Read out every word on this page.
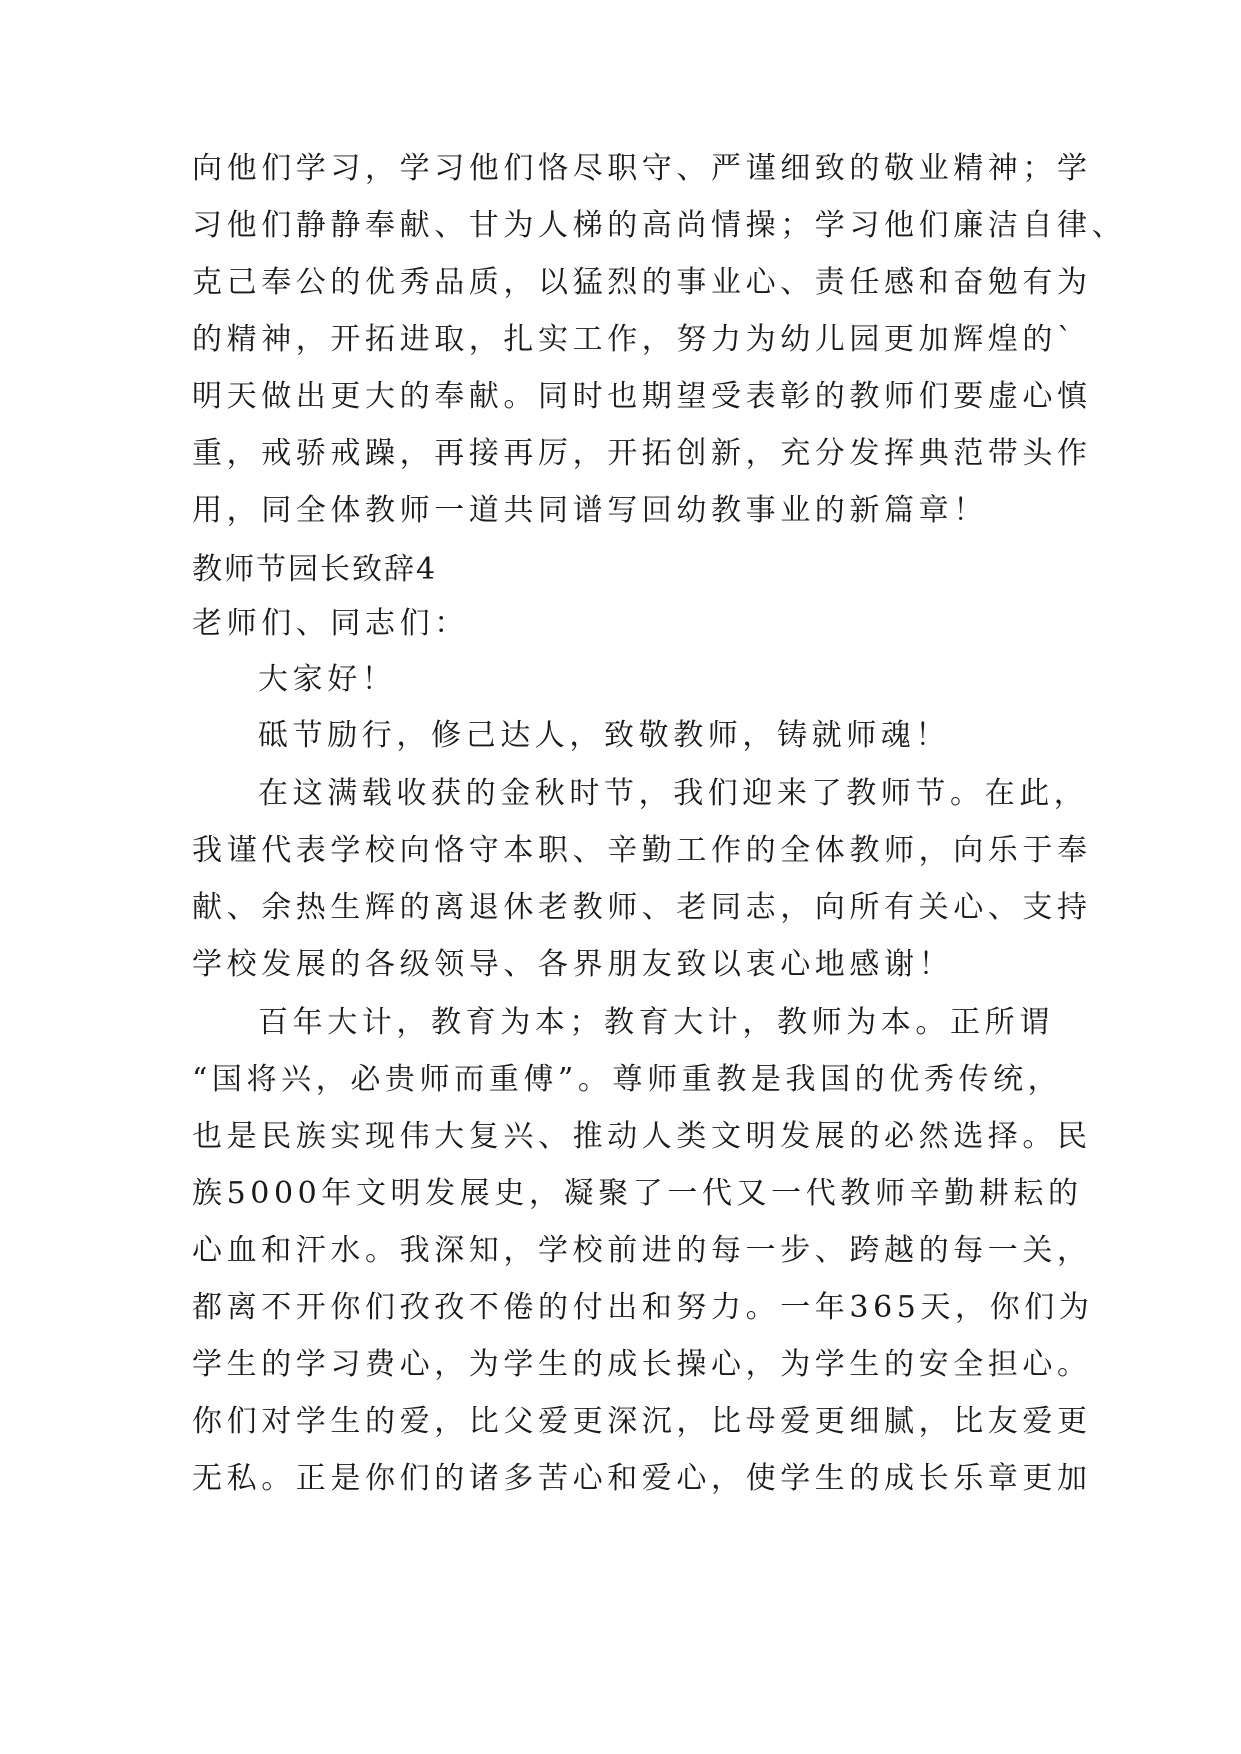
向他们学习，学习他们恪尽职守、严谨细致的敬业精神；学
习他们静静奉献、甘为人梯的高尚情操；学习他们廉洁自律、
克己奉公的优秀品质，以猛烈的事业心、责任感和奋勉有为
的精神，开拓进取，扎实工作，努力为幼儿园更加辉煌的`
明天做出更大的奉献。同时也期望受表彰的教师们要虚心慎
重，戒骄戒躁，再接再厉，开拓创新，充分发挥典范带头作
用，同全体教师一道共同谱写回幼教事业的新篇章！
教师节园长致辞4
老师们、同志们：
大家好！
砥节励行，修己达人，致敬教师，铸就师魂！
在这满载收获的金秋时节，我们迎来了教师节。在此，
我谨代表学校向恪守本职、辛勤工作的全体教师，向乐于奉
献、余热生辉的离退休老教师、老同志，向所有关心、支持
学校发展的各级领导、各界朋友致以衷心地感谢！
百年大计，教育为本；教育大计，教师为本。正所谓
“国将兴，必贵师而重傅”。尊师重教是我国的优秀传统，
也是民族实现伟大复兴、推动人类文明发展的必然选择。民
族5000年文明发展史，凝聚了一代又一代教师辛勤耕耘的
心血和汗水。我深知，学校前进的每一步、跨越的每一关，
都离不开你们孜孜不倦的付出和努力。一年365天，你们为
学生的学习费心，为学生的成长操心，为学生的安全担心。
你们对学生的爱，比父爱更深沉，比母爱更细腻，比友爱更
无私。正是你们的诸多苦心和爱心，使学生的成长乐章更加
